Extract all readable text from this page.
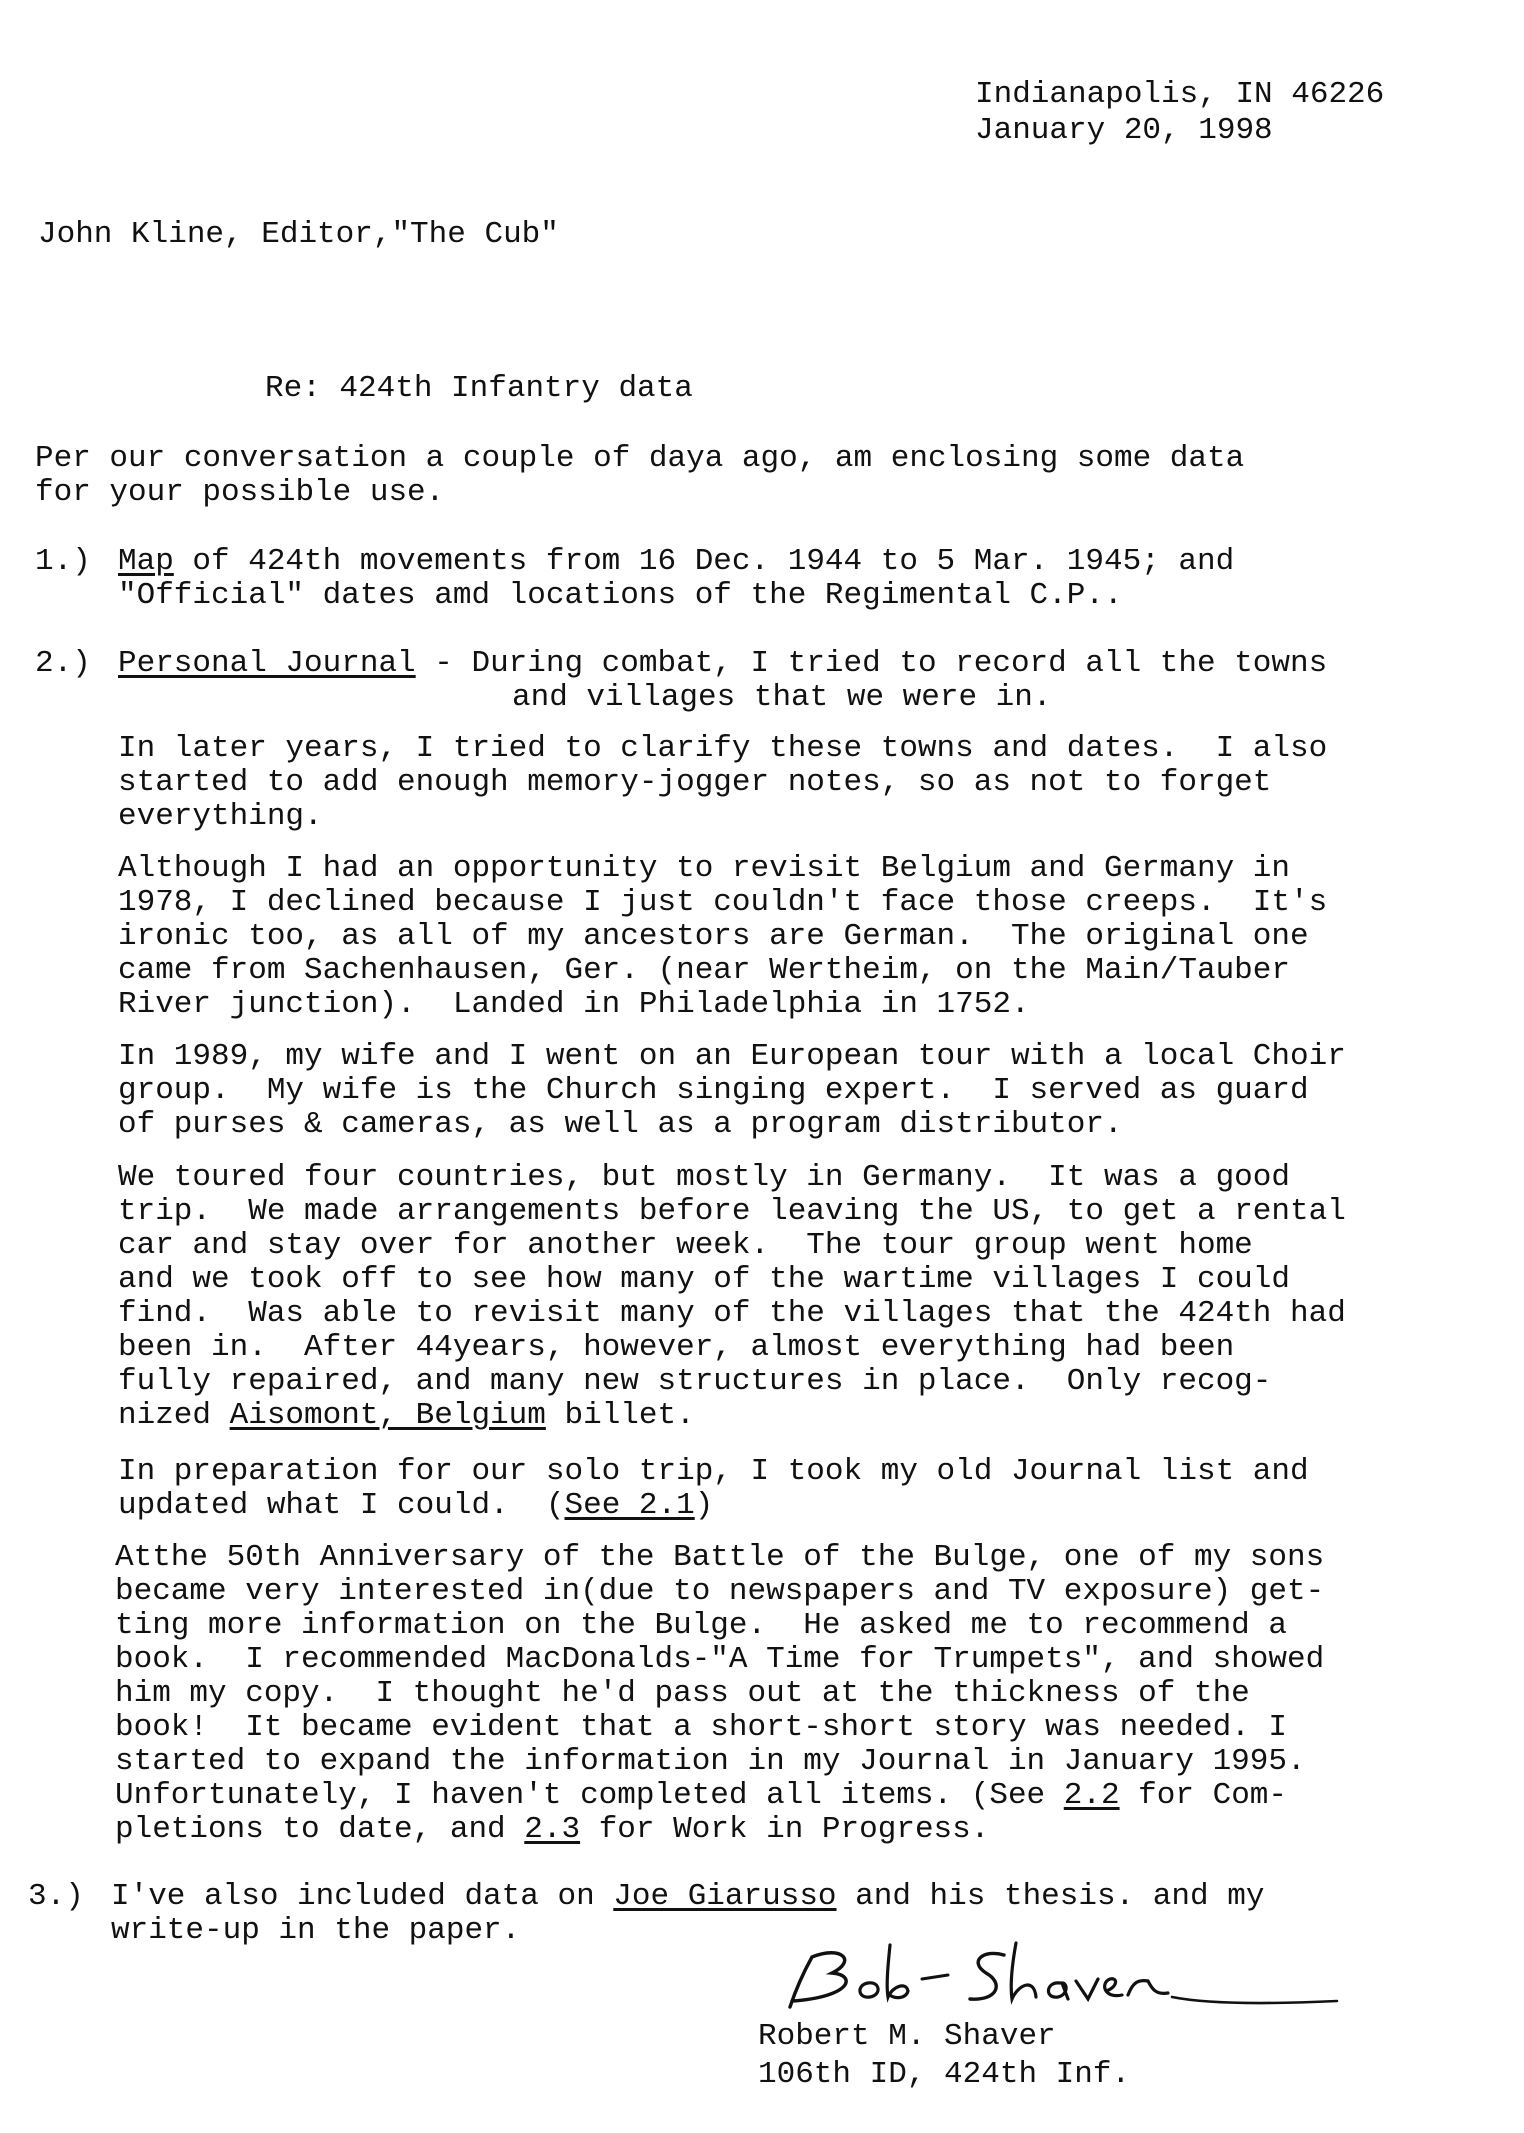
Indianapolis, IN 46226
January 20, 1998
John Kline, Editor,"The Cub"
Re: 424th Infantry data
Per our conversation a couple of daya ago, am enclosing some data
for your possible use.
1.) Map of 424th movements from 16 Dec. 1944 to 5 Mar. 1945; and
"Official" dates amd locations of the Regimental C.P..
2.) Personal Journal - During combat, I tried to record all the towns
and villages that we were in.
In later years, I tried to clarify these towns and dates.  I also
started to add enough memory-jogger notes, so as not to forget
everything.
Although I had an opportunity to revisit Belgium and Germany in
1978, I declined because I just couldn't face those creeps.  It's
ironic too, as all of my ancestors are German.  The original one
came from Sachenhausen, Ger. (near Wertheim, on the Main/Tauber
River junction).  Landed in Philadelphia in 1752.
In 1989, my wife and I went on an European tour with a local Choir
group.  My wife is the Church singing expert.  I served as guard
of purses & cameras, as well as a program distributor.
We toured four countries, but mostly in Germany.  It was a good
trip.  We made arrangements before leaving the US, to get a rental
car and stay over for another week.  The tour group went home
and we took off to see how many of the wartime villages I could
find.  Was able to revisit many of the villages that the 424th had
been in.  After 44years, however, almost everything had been
fully repaired, and many new structures in place.  Only recog-
nized Aisomont, Belgium billet.
In preparation for our solo trip, I took my old Journal list and
updated what I could.  (See 2.1)
Atthe 50th Anniversary of the Battle of the Bulge, one of my sons
became very interested in(due to newspapers and TV exposure) get-
ting more information on the Bulge.  He asked me to recommend a
book.  I recommended MacDonalds-"A Time for Trumpets", and showed
him my copy.  I thought he'd pass out at the thickness of the
book!  It became evident that a short-short story was needed. I
started to expand the information in my Journal in January 1995.
Unfortunately, I haven't completed all items. (See 2.2 for Com-
pletions to date, and 2.3 for Work in Progress.
3.) I've also included data on Joe Giarusso and his thesis. and my
write-up in the paper.
Robert M. Shaver
106th ID, 424th Inf.
